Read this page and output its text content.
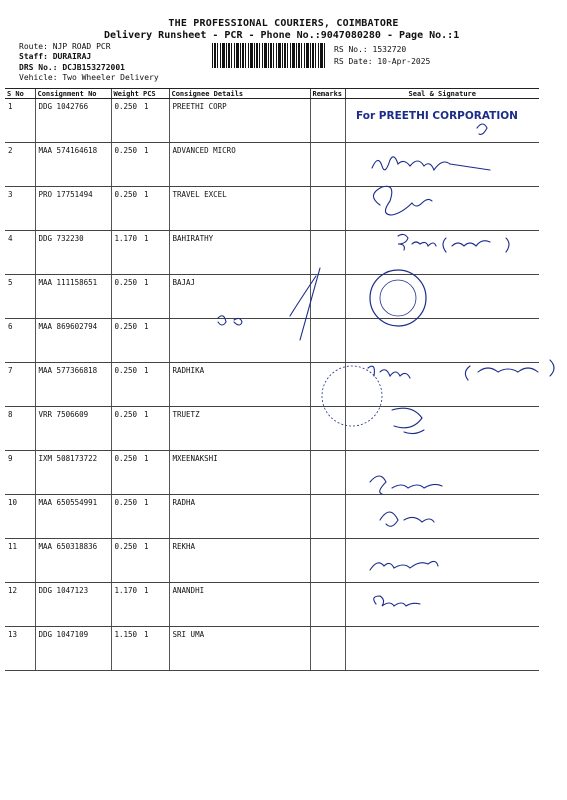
THE PROFESSIONAL COURIERS, COIMBATORE
Delivery Runsheet - PCR - Phone No.:9047080280 - Page No.:1
Route: NJP ROAD PCR
Staff: DURAIRAJ
DRS No.: DCJB153272001
Vehicle: Two Wheeler Delivery
RS No.: 1532720
RS Date: 10-Apr-2025
S No	Consignment No	Weight	PCS	Consignee Details	Remarks	Seal & Signature
1	DDG 1042766	0.250	1	PREETHI CORP		
2	MAA 574164618	0.250	1	ADVANCED MICRO		
3	PRO 17751494	0.250	1	TRAVEL EXCEL		
4	DDG 732230	1.170	1	BAHIRATHY		
5	MAA 111158651	0.250	1	BAJAJ		
6	MAA 869602794	0.250	1			
7	MAA 577366818	0.250	1	RADHIKA		
8	VRR 7506609	0.250	1	TRUETZ		
9	IXM 508173722	0.250	1	MXEENAKSHI		
10	MAA 650554991	0.250	1	RADHA		
11	MAA 650318836	0.250	1	REKHA		
12	DDG 1047123	1.170	1	ANANDHI		
13	DDG 1047109	1.150	1	SRI UMA		
For PREETHI CORPORATION
